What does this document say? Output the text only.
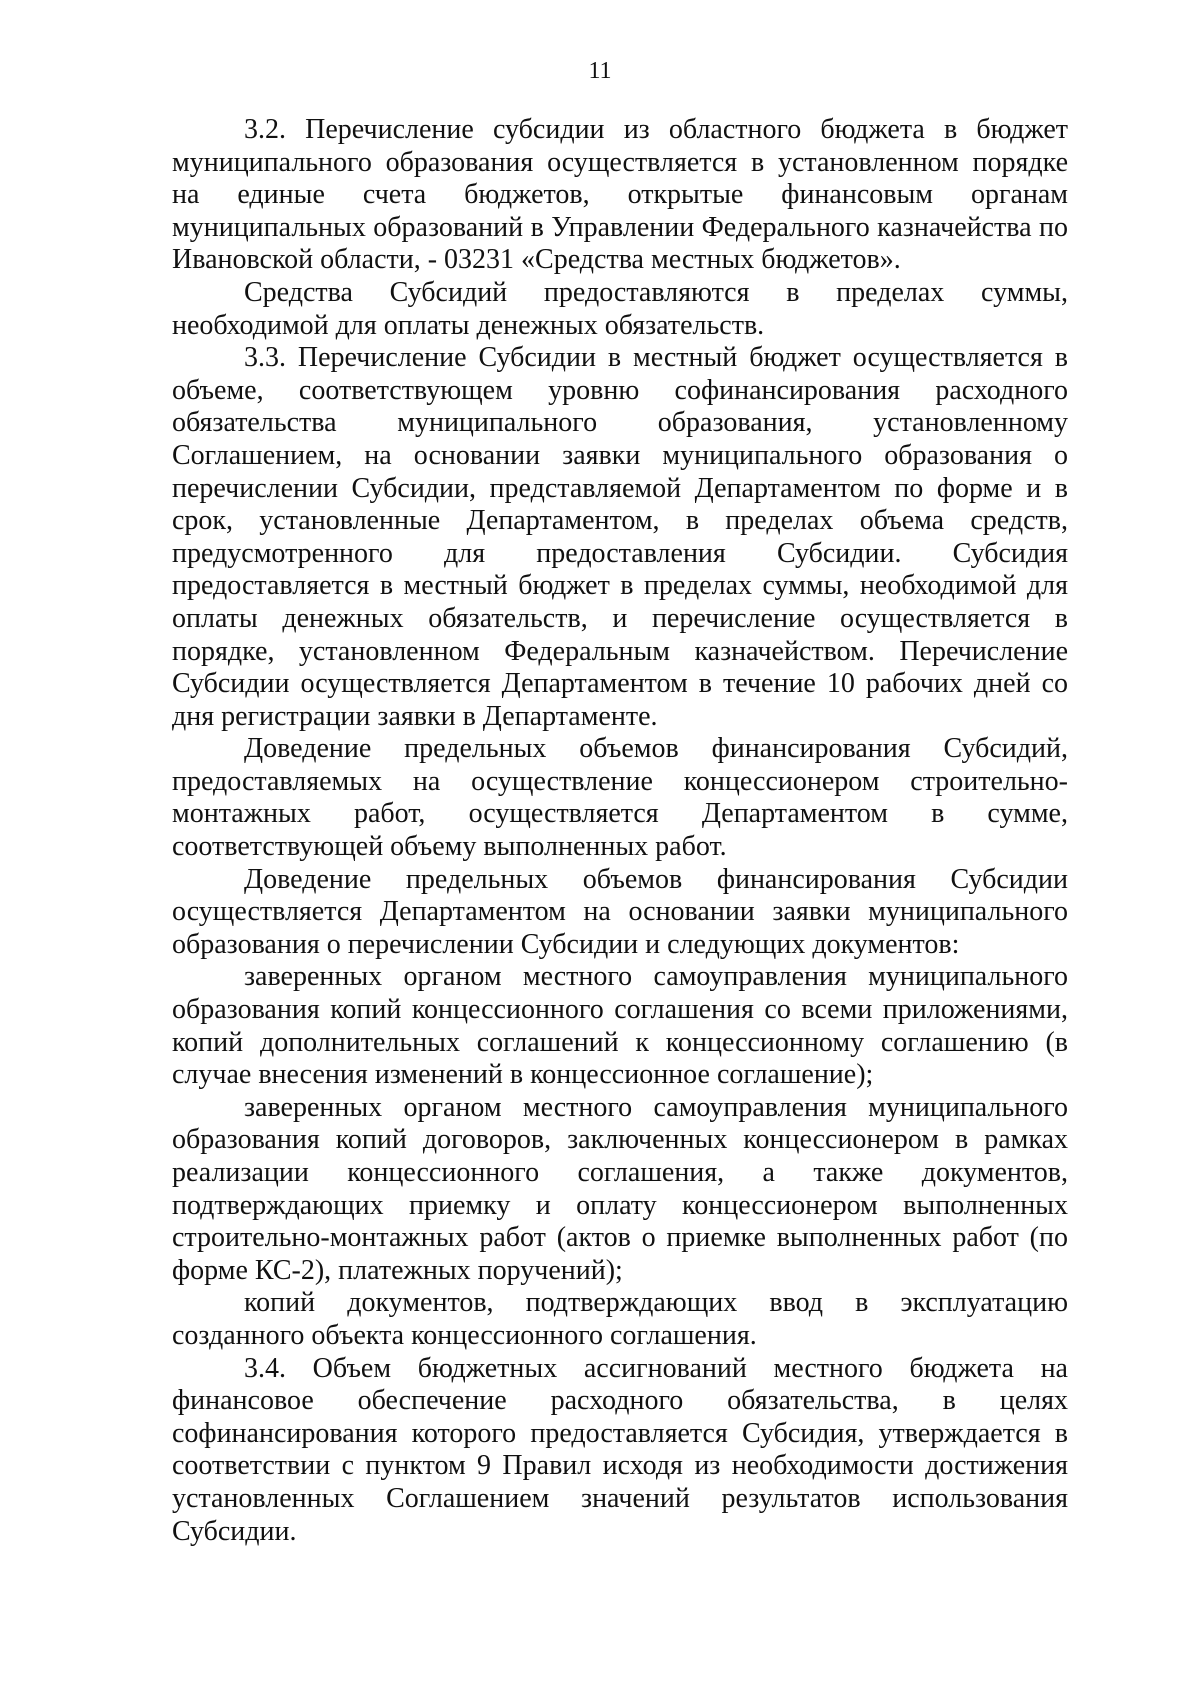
11

3.2. Перечисление субсидии из областного бюджета в бюджет муниципального образования осуществляется в установленном порядке на единые счета бюджетов, открытые финансовым органам муниципальных образований в Управлении Федерального казначейства по Ивановской области, - 03231 «Средства местных бюджетов».

Средства Субсидий предоставляются в пределах суммы, необходимой для оплаты денежных обязательств.

3.3. Перечисление Субсидии в местный бюджет осуществляется в объеме, соответствующем уровню софинансирования расходного обязательства муниципального образования, установленному Соглашением, на основании заявки муниципального образования о перечислении Субсидии, представляемой Департаментом по форме и в срок, установленные Департаментом, в пределах объема средств, предусмотренного для предоставления Субсидии. Субсидия предоставляется в местный бюджет в пределах суммы, необходимой для оплаты денежных обязательств, и перечисление осуществляется в порядке, установленном Федеральным казначейством. Перечисление Субсидии осуществляется Департаментом в течение 10 рабочих дней со дня регистрации заявки в Департаменте.

Доведение предельных объемов финансирования Субсидий, предоставляемых на осуществление концессионером строительно-монтажных работ, осуществляется Департаментом в сумме, соответствующей объему выполненных работ.

Доведение предельных объемов финансирования Субсидии осуществляется Департаментом на основании заявки муниципального образования о перечислении Субсидии и следующих документов:

заверенных органом местного самоуправления муниципального образования копий концессионного соглашения со всеми приложениями, копий дополнительных соглашений к концессионному соглашению (в случае внесения изменений в концессионное соглашение);

заверенных органом местного самоуправления муниципального образования копий договоров, заключенных концессионером в рамках реализации концессионного соглашения, а также документов, подтверждающих приемку и оплату концессионером выполненных строительно-монтажных работ (актов о приемке выполненных работ (по форме КС-2), платежных поручений);

копий документов, подтверждающих ввод в эксплуатацию созданного объекта концессионного соглашения.

3.4. Объем бюджетных ассигнований местного бюджета на финансовое обеспечение расходного обязательства, в целях софинансирования которого предоставляется Субсидия, утверждается в соответствии с пунктом 9 Правил исходя из необходимости достижения установленных Соглашением значений результатов использования Субсидии.
